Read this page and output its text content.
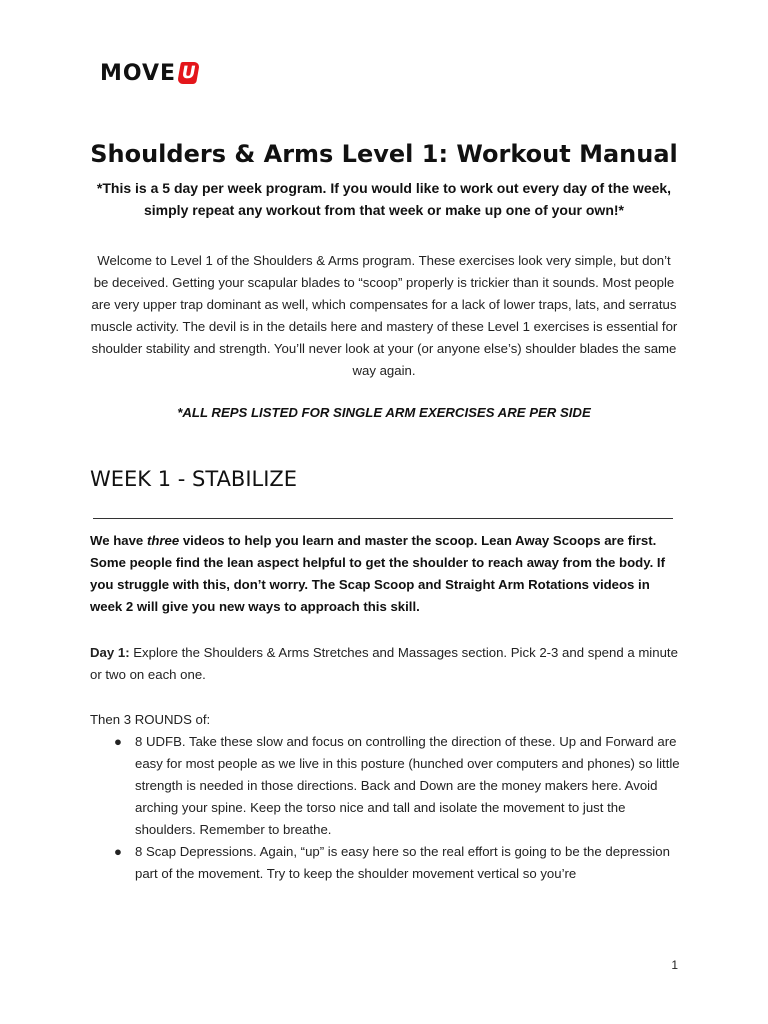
MOVE U
Shoulders & Arms Level 1: Workout Manual

*This is a 5 day per week program. If you would like to work out every day of the week, simply repeat any workout from that week or make up one of your own!*

Welcome to Level 1 of the Shoulders & Arms program. These exercises look very simple, but don’t be deceived. Getting your scapular blades to “scoop” properly is trickier than it sounds. Most people are very upper trap dominant as well, which compensates for a lack of lower traps, lats, and serratus muscle activity. The devil is in the details here and mastery of these Level 1 exercises is essential for shoulder stability and strength. You’ll never look at your (or anyone else’s) shoulder blades the same way again.

*ALL REPS LISTED FOR SINGLE ARM EXERCISES ARE PER SIDE

WEEK 1 - STABILIZE

We have three videos to help you learn and master the scoop. Lean Away Scoops are first. Some people find the lean aspect helpful to get the shoulder to reach away from the body. If you struggle with this, don’t worry. The Scap Scoop and Straight Arm Rotations videos in week 2 will give you new ways to approach this skill.

Day 1: Explore the Shoulders & Arms Stretches and Massages section. Pick 2-3 and spend a minute or two on each one.

Then 3 ROUNDS of:

● 8 UDFB. Take these slow and focus on controlling the direction of these. Up and Forward are easy for most people as we live in this posture (hunched over computers and phones) so little strength is needed in those directions. Back and Down are the money makers here. Avoid arching your spine. Keep the torso nice and tall and isolate the movement to just the shoulders. Remember to breathe.
● 8 Scap Depressions. Again, “up” is easy here so the real effort is going to be the depression part of the movement. Try to keep the shoulder movement vertical so you’re
1
